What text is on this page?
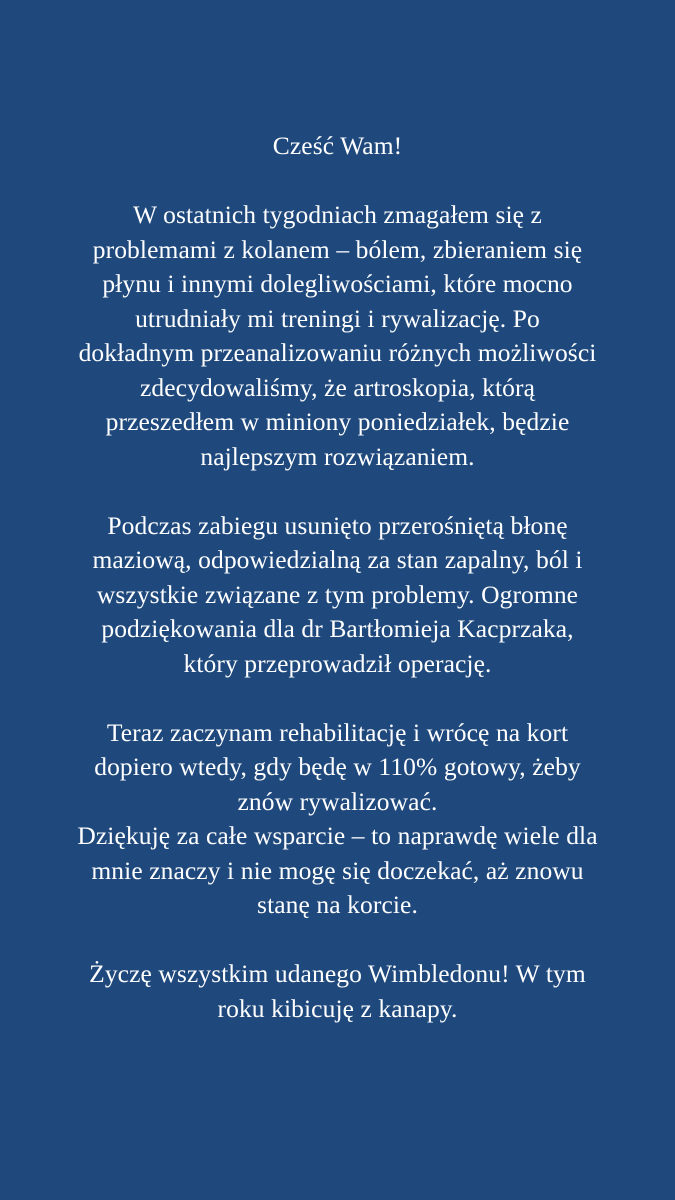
Cześć Wam!

W ostatnich tygodniach zmagałem się z
problemami z kolanem – bólem, zbieraniem się
płynu i innymi dolegliwościami, które mocno
utrudniały mi treningi i rywalizację. Po
dokładnym przeanalizowaniu różnych możliwości
zdecydowaliśmy, że artroskopia, którą
przeszedłem w miniony poniedziałek, będzie
najlepszym rozwiązaniem.

Podczas zabiegu usunięto przerośniętą błonę
maziową, odpowiedzialną za stan zapalny, ból i
wszystkie związane z tym problemy. Ogromne
podziękowania dla dr Bartłomieja Kacprzaka,
który przeprowadził operację.

Teraz zaczynam rehabilitację i wrócę na kort
dopiero wtedy, gdy będę w 110% gotowy, żeby
znów rywalizować.
Dziękuję za całe wsparcie – to naprawdę wiele dla
mnie znaczy i nie mogę się doczekać, aż znowu
stanę na korcie.

Życzę wszystkim udanego Wimbledonu! W tym
roku kibicuję z kanapy.
